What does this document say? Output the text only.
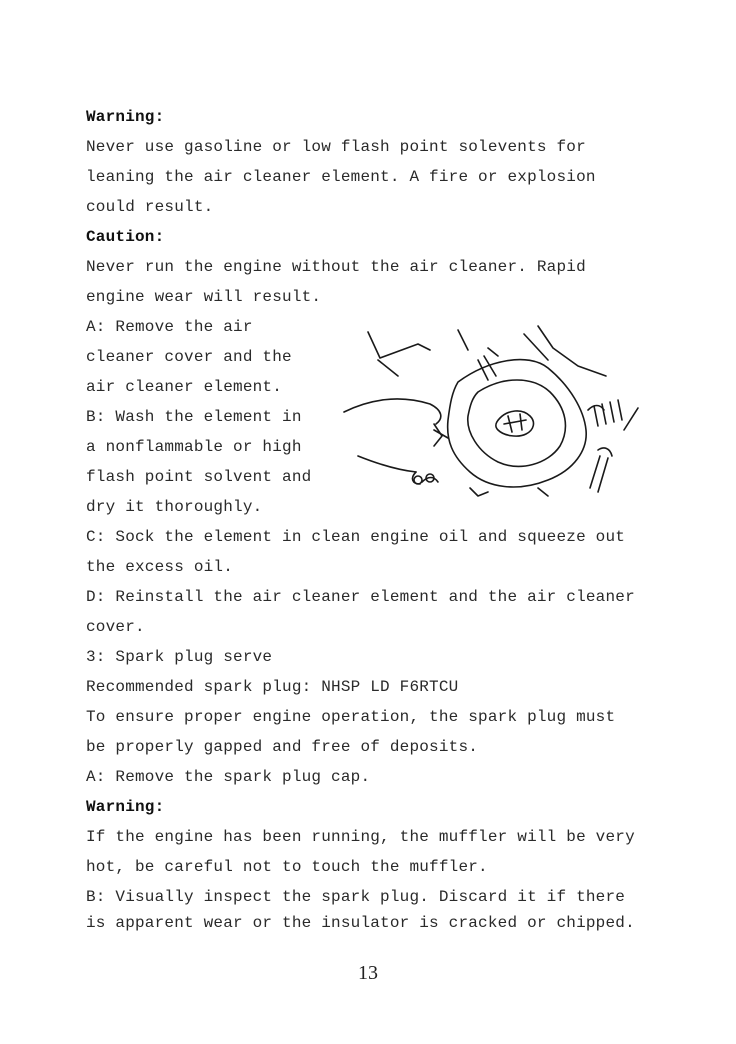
Warning:

Never use gasoline or low flash point solevents for

leaning the air cleaner element. A fire or explosion

could result.

Caution:

Never run the engine without the air cleaner. Rapid

engine wear will result.

A: Remove the air

cleaner cover and the

air cleaner element.

B: Wash the element in

a nonflammable or high

flash point solvent and

dry it thoroughly.

C: Sock the element in clean engine oil and squeeze out

the excess oil.

D: Reinstall the air cleaner element and the air cleaner

cover.

3: Spark plug serve

Recommended spark plug: NHSP LD F6RTCU

To ensure proper engine operation, the spark plug must

be properly gapped and free of deposits.

A: Remove the spark plug cap.

Warning:

If the engine has been running, the muffler will be very

hot, be careful not to touch the muffler.

B: Visually inspect the spark plug. Discard it if there

is apparent wear or the insulator is cracked or chipped.

13
